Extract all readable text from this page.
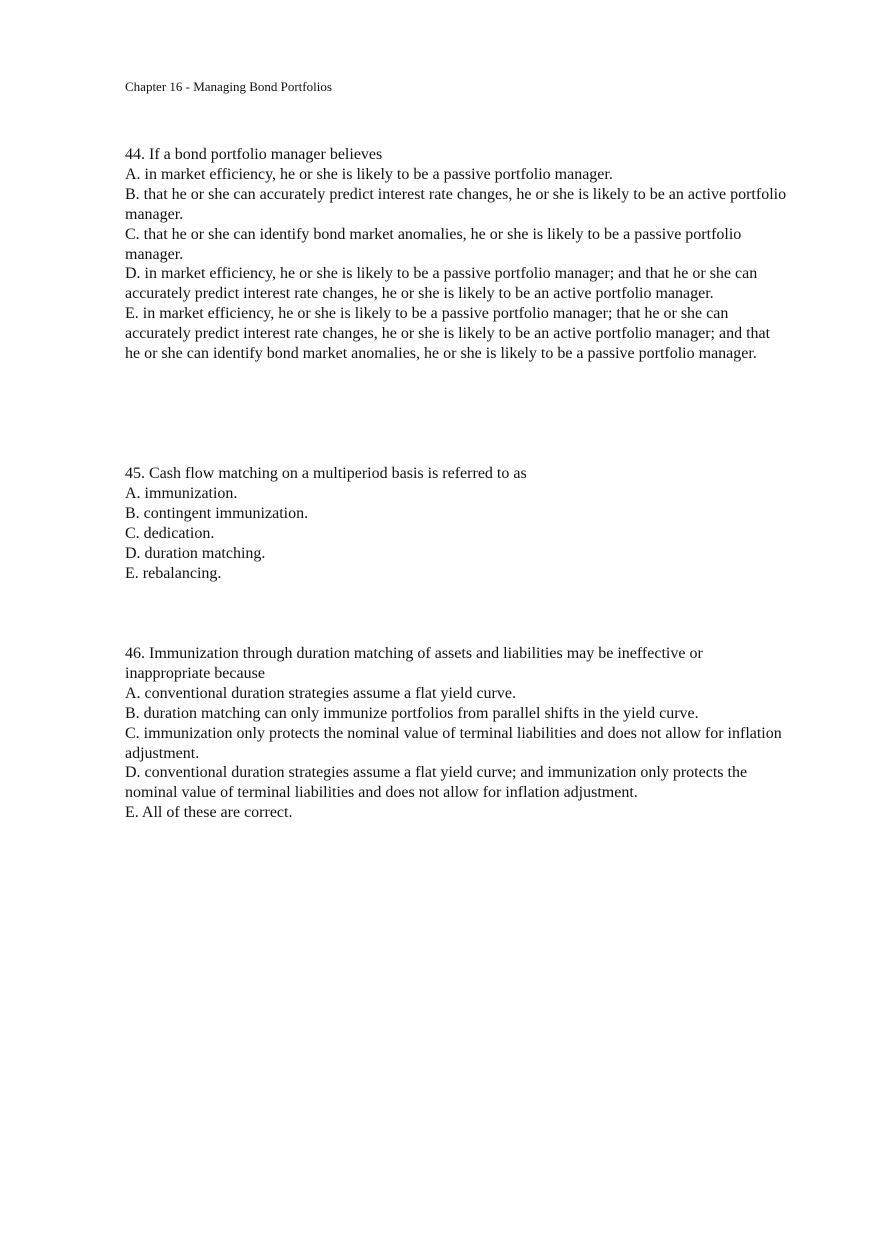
Chapter 16 - Managing Bond Portfolios
44. If a bond portfolio manager believes
A. in market efficiency, he or she is likely to be a passive portfolio manager.
B. that he or she can accurately predict interest rate changes, he or she is likely to be an active portfolio manager.
C. that he or she can identify bond market anomalies, he or she is likely to be a passive portfolio manager.
D. in market efficiency, he or she is likely to be a passive portfolio manager; and that he or she can accurately predict interest rate changes, he or she is likely to be an active portfolio manager.
E. in market efficiency, he or she is likely to be a passive portfolio manager; that he or she can accurately predict interest rate changes, he or she is likely to be an active portfolio manager; and that he or she can identify bond market anomalies, he or she is likely to be a passive portfolio manager.
45. Cash flow matching on a multiperiod basis is referred to as
A. immunization.
B. contingent immunization.
C. dedication.
D. duration matching.
E. rebalancing.
46. Immunization through duration matching of assets and liabilities may be ineffective or inappropriate because
A. conventional duration strategies assume a flat yield curve.
B. duration matching can only immunize portfolios from parallel shifts in the yield curve.
C. immunization only protects the nominal value of terminal liabilities and does not allow for inflation adjustment.
D. conventional duration strategies assume a flat yield curve; and immunization only protects the nominal value of terminal liabilities and does not allow for inflation adjustment.
E. All of these are correct.
